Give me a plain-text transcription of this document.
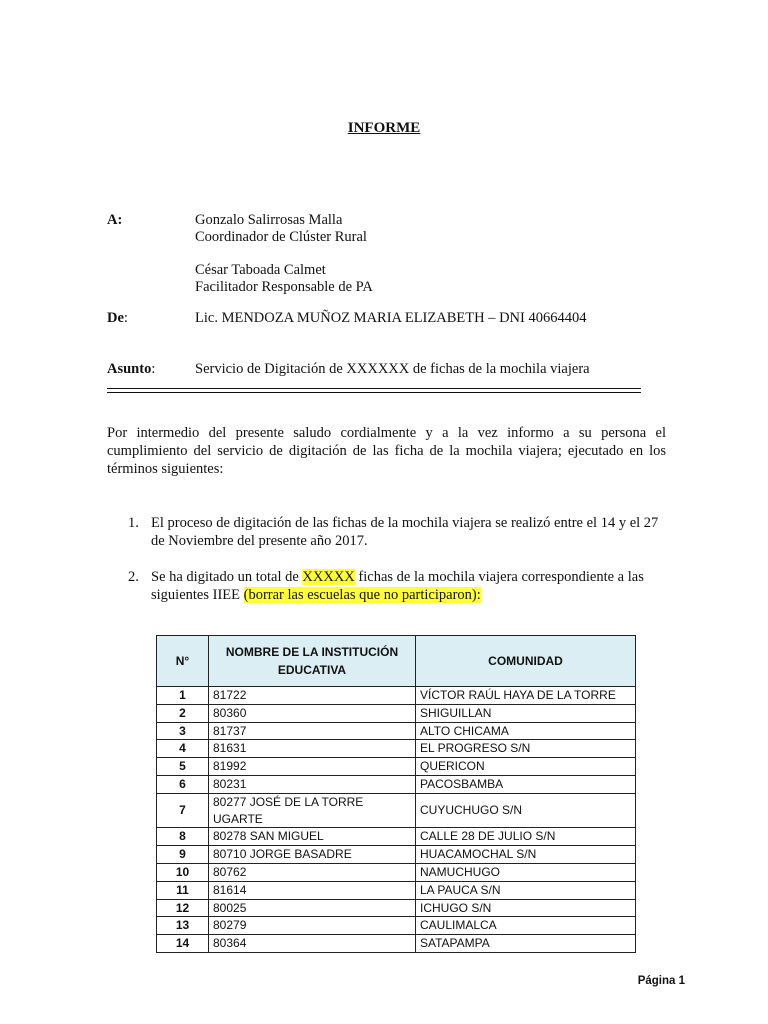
INFORME
A:	Gonzalo Salirrosas Malla
Coordinador de Clúster Rural
César Taboada Calmet
Facilitador Responsable de PA
De:	Lic. MENDOZA MUÑOZ MARIA ELIZABETH – DNI 40664404
Asunto:	Servicio de Digitación de XXXXXX de fichas de la mochila viajera
Por intermedio del presente saludo cordialmente y a la vez informo a su persona el cumplimiento del servicio de digitación de las ficha de la mochila viajera; ejecutado en los términos siguientes:
1. El proceso de digitación de las fichas de la mochila viajera se realizó entre el 14 y el 27 de Noviembre del presente año 2017.
2. Se ha digitado un total de XXXXX fichas de la mochila viajera correspondiente a las siguientes IIEE (borrar las escuelas que no participaron):
N°	NOMBRE DE LA INSTITUCIÓN EDUCATIVA	COMUNIDAD
1	81722	VÍCTOR RAÚL HAYA DE LA TORRE
2	80360	SHIGUILLAN
3	81737	ALTO CHICAMA
4	81631	EL PROGRESO S/N
5	81992	QUERICON
6	80231	PACOSBAMBA
7	80277 JOSÉ DE LA TORRE UGARTE	CUYUCHUGO S/N
8	80278 SAN MIGUEL	CALLE 28 DE JULIO S/N
9	80710 JORGE BASADRE	HUACAMOCHAL S/N
10	80762	NAMUCHUGO
11	81614	LA PAUCA S/N
12	80025	ICHUGO S/N
13	80279	CAULIMALCA
14	80364	SATAPAMPA
Página 1
